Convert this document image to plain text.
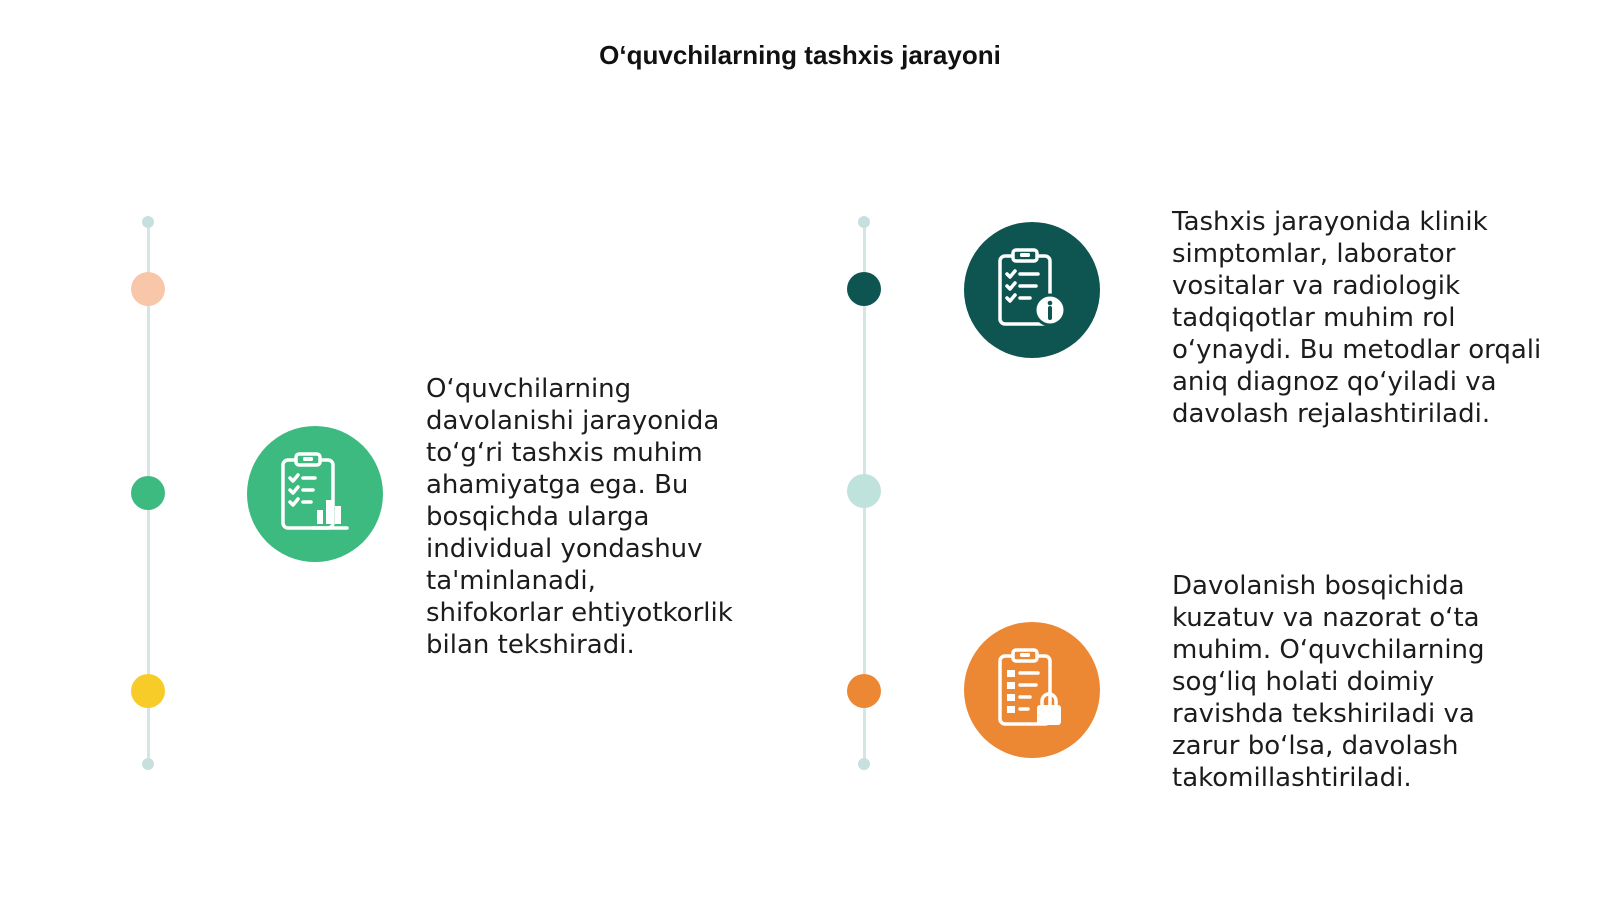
O‘quvchilarning tashxis jarayoni
O‘quvchilarning
davolanishi jarayonida
to‘g‘ri tashxis muhim
ahamiyatga ega. Bu
bosqichda ularga
individual yondashuv
ta'minlanadi,
shifokorlar ehtiyotkorlik
bilan tekshiradi.
Tashxis jarayonida klinik
simptomlar, laborator
vositalar va radiologik
tadqiqotlar muhim rol
o‘ynaydi. Bu metodlar orqali
aniq diagnoz qo‘yiladi va
davolash rejalashtiriladi.
Davolanish bosqichida
kuzatuv va nazorat o‘ta
muhim. O‘quvchilarning
sog‘liq holati doimiy
ravishda tekshiriladi va
zarur bo‘lsa, davolash
takomillashtiriladi.
